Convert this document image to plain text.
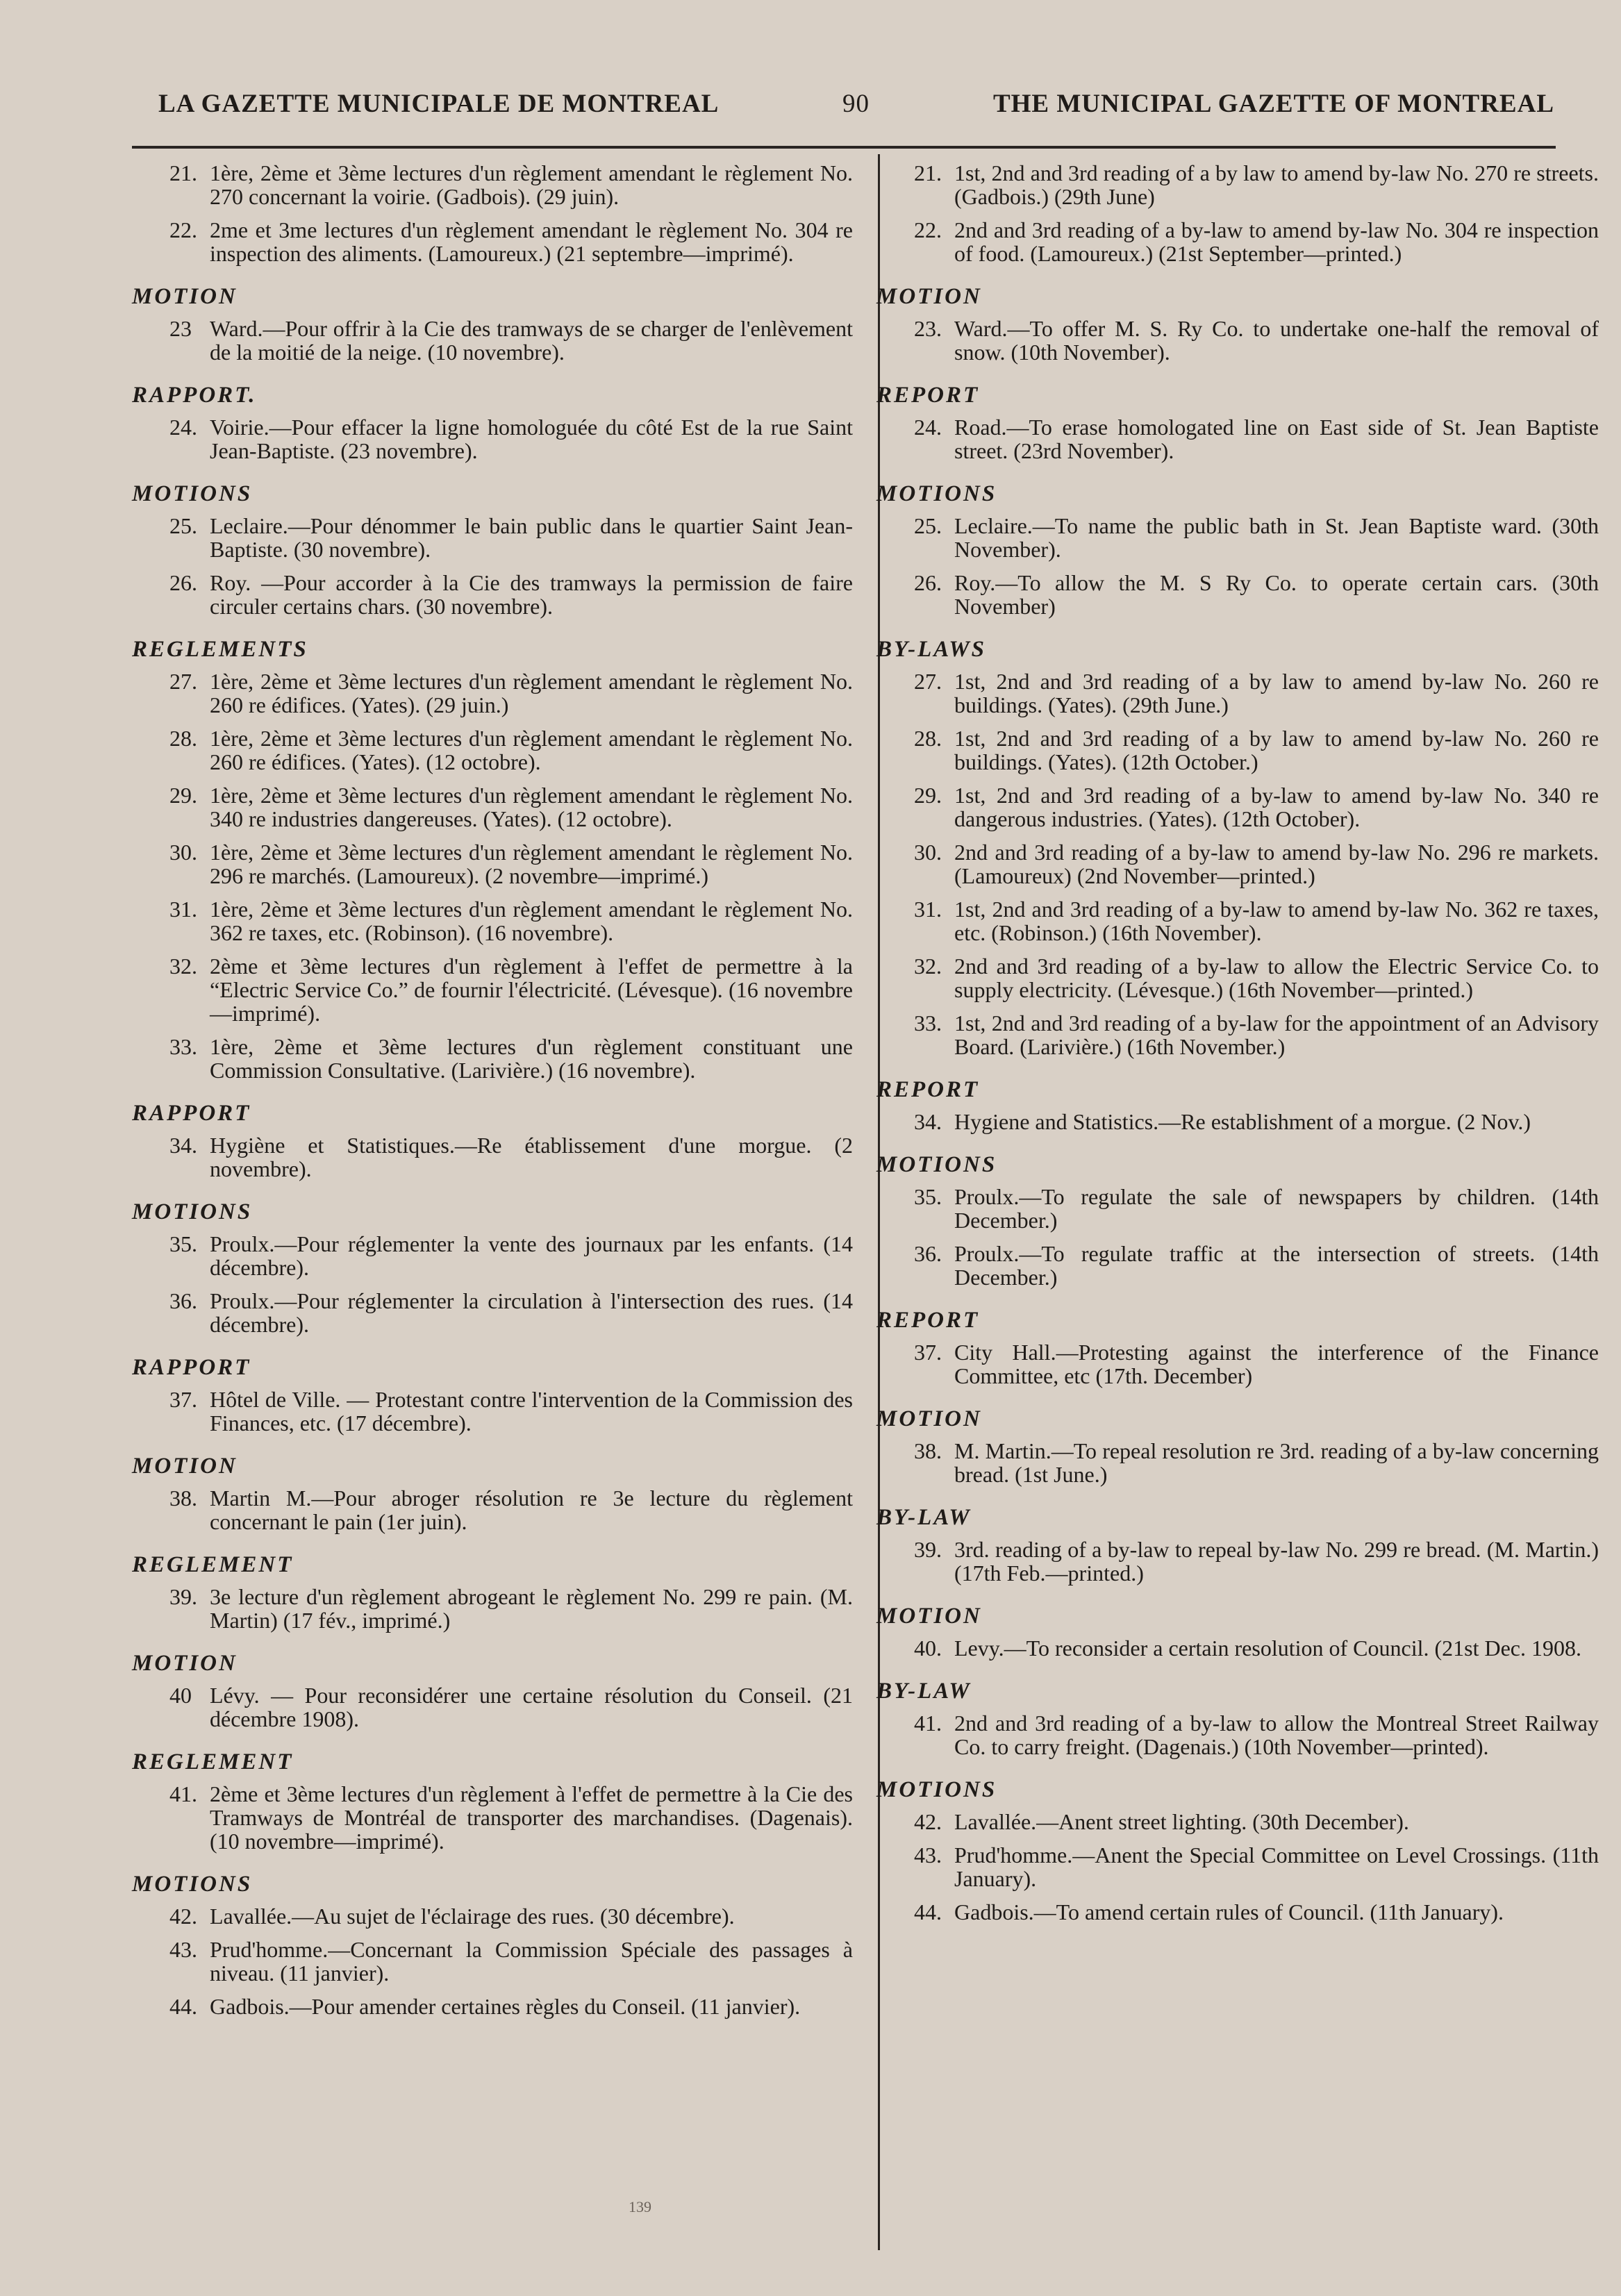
LA GAZETTE MUNICIPALE DE MONTREAL	90	THE MUNICIPAL GAZETTE OF MONTREAL
21. 1ère, 2ème et 3ème lectures d'un règlement amendant le règlement No. 270 concernant la voirie. (Gadbois). (29 juin).
22. 2me et 3me lectures d'un règlement amendant le règlement No. 304 re inspection des aliments. (Lamoureux.) (21 septembre—imprimé).
MOTION
23 Ward.—Pour offrir à la Cie des tramways de se charger de l'enlèvement de la moitié de la neige. (10 novembre).
RAPPORT.
24. Voirie.—Pour effacer la ligne homologuée du côté Est de la rue Saint Jean-Baptiste. (23 novembre).
MOTIONS
25. Leclaire.—Pour dénommer le bain public dans le quartier Saint Jean-Baptiste. (30 novembre).
26. Roy. —Pour accorder à la Cie des tramways la permission de faire circuler certains chars. (30 novembre).
REGLEMENTS
27. 1ère, 2ème et 3ème lectures d'un règlement amendant le règlement No. 260 re édifices. (Yates). (29 juin.)
28. 1ère, 2ème et 3ème lectures d'un règlement amendant le règlement No. 260 re édifices. (Yates). (12 octobre).
29. 1ère, 2ème et 3ème lectures d'un règlement amendant le règlement No. 340 re industries dangereuses. (Yates). (12 octobre).
30. 1ère, 2ème et 3ème lectures d'un règlement amendant le règlement No. 296 re marchés. (Lamoureux). (2 novembre—imprimé.)
31. 1ère, 2ème et 3ème lectures d'un règlement amendant le règlement No. 362 re taxes, etc. (Robinson). (16 novembre).
32. 2ème et 3ème lectures d'un règlement à l'effet de permettre à la “Electric Service Co.” de fournir l'électricité. (Lévesque). (16 novembre—imprimé).
33. 1ère, 2ème et 3ème lectures d'un règlement constituant une Commission Consultative. (Larivière.) (16 novembre).
RAPPORT
34. Hygiène et Statistiques.—Re établissement d'une morgue. (2 novembre).
MOTIONS
35. Proulx.—Pour réglementer la vente des journaux par les enfants. (14 décembre).
36. Proulx.—Pour réglementer la circulation à l'intersection des rues. (14 décembre).
RAPPORT
37. Hôtel de Ville. — Protestant contre l'intervention de la Commission des Finances, etc. (17 décembre).
MOTION
38. Martin M.—Pour abroger résolution re 3e lecture du règlement concernant le pain (1er juin).
REGLEMENT
39. 3e lecture d'un règlement abrogeant le règlement No. 299 re pain. (M. Martin) (17 fév., imprimé.)
MOTION
40 Lévy. — Pour reconsidérer une certaine résolution du Conseil. (21 décembre 1908).
REGLEMENT
41. 2ème et 3ème lectures d'un règlement à l'effet de permettre à la Cie des Tramways de Montréal de transporter des marchandises. (Dagenais). (10 novembre—imprimé).
MOTIONS
42. Lavallée.—Au sujet de l'éclairage des rues. (30 décembre).
43. Prud'homme.—Concernant la Commission Spéciale des passages à niveau. (11 janvier).
44. Gadbois.—Pour amender certaines règles du Conseil. (11 janvier).
21. 1st, 2nd and 3rd reading of a by law to amend by-law No. 270 re streets. (Gadbois.) (29th June)
22. 2nd and 3rd reading of a by-law to amend by-law No. 304 re inspection of food. (Lamoureux.) (21st September—printed.)
MOTION
23. Ward.—To offer M. S. Ry Co. to undertake one-half the removal of snow. (10th November).
REPORT
24. Road.—To erase homologated line on East side of St. Jean Baptiste street. (23rd November).
MOTIONS
25. Leclaire.—To name the public bath in St. Jean Baptiste ward. (30th November).
26. Roy.—To allow the M. S Ry Co. to operate certain cars. (30th November)
BY-LAWS
27. 1st, 2nd and 3rd reading of a by law to amend by-law No. 260 re buildings. (Yates). (29th June.)
28. 1st, 2nd and 3rd reading of a by law to amend by-law No. 260 re buildings. (Yates). (12th October.)
29. 1st, 2nd and 3rd reading of a by-law to amend by-law No. 340 re dangerous industries. (Yates). (12th October).
30. 2nd and 3rd reading of a by-law to amend by-law No. 296 re markets. (Lamoureux) (2nd November—printed.)
31. 1st, 2nd and 3rd reading of a by-law to amend by-law No. 362 re taxes, etc. (Robinson.) (16th November).
32. 2nd and 3rd reading of a by-law to allow the Electric Service Co. to supply electricity. (Lévesque.) (16th November—printed.)
33. 1st, 2nd and 3rd reading of a by-law for the appointment of an Advisory Board. (Larivière.) (16th November.)
REPORT
34. Hygiene and Statistics.—Re establishment of a morgue. (2 Nov.)
MOTIONS
35. Proulx.—To regulate the sale of newspapers by children. (14th December.)
36. Proulx.—To regulate traffic at the intersection of streets. (14th December.)
REPORT
37. City Hall.—Protesting against the interference of the Finance Committee, etc (17th. December)
MOTION
38. M. Martin.—To repeal resolution re 3rd. reading of a by-law concerning bread. (1st June.)
BY-LAW
39. 3rd. reading of a by-law to repeal by-law No. 299 re bread. (M. Martin.) (17th Feb.—printed.)
MOTION
40. Levy.—To reconsider a certain resolution of Council. (21st Dec. 1908.
BY-LAW
41. 2nd and 3rd reading of a by-law to allow the Montreal Street Railway Co. to carry freight. (Dagenais.) (10th November—printed).
MOTIONS
42. Lavallée.—Anent street lighting. (30th December).
43. Prud'homme.—Anent the Special Committee on Level Crossings. (11th January).
44. Gadbois.—To amend certain rules of Council. (11th January).
139
